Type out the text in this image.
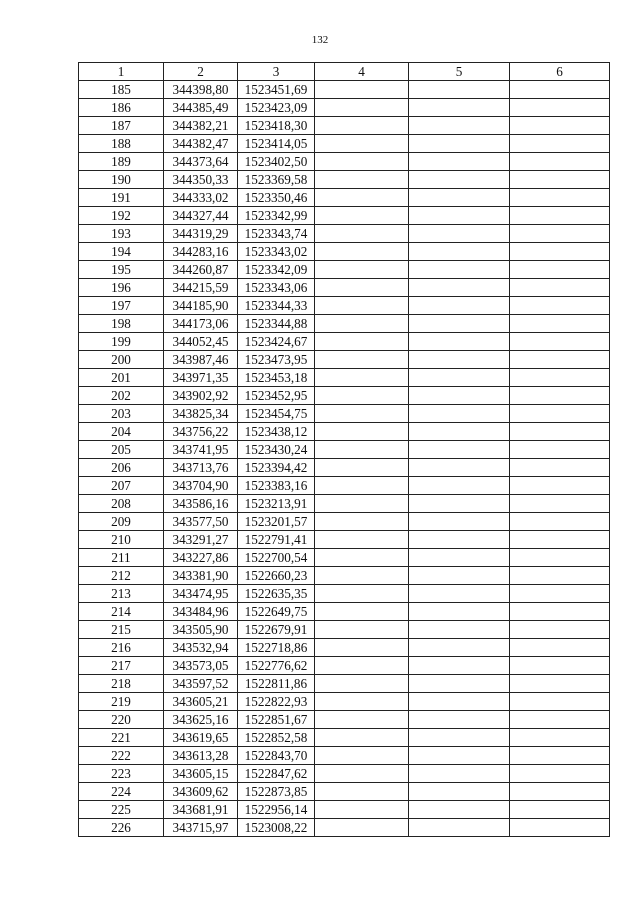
132
1	2	3	4	5	6
185	344398,80	1523451,69			
186	344385,49	1523423,09			
187	344382,21	1523418,30			
188	344382,47	1523414,05			
189	344373,64	1523402,50			
190	344350,33	1523369,58			
191	344333,02	1523350,46			
192	344327,44	1523342,99			
193	344319,29	1523343,74			
194	344283,16	1523343,02			
195	344260,87	1523342,09			
196	344215,59	1523343,06			
197	344185,90	1523344,33			
198	344173,06	1523344,88			
199	344052,45	1523424,67			
200	343987,46	1523473,95			
201	343971,35	1523453,18			
202	343902,92	1523452,95			
203	343825,34	1523454,75			
204	343756,22	1523438,12			
205	343741,95	1523430,24			
206	343713,76	1523394,42			
207	343704,90	1523383,16			
208	343586,16	1523213,91			
209	343577,50	1523201,57			
210	343291,27	1522791,41			
211	343227,86	1522700,54			
212	343381,90	1522660,23			
213	343474,95	1522635,35			
214	343484,96	1522649,75			
215	343505,90	1522679,91			
216	343532,94	1522718,86			
217	343573,05	1522776,62			
218	343597,52	1522811,86			
219	343605,21	1522822,93			
220	343625,16	1522851,67			
221	343619,65	1522852,58			
222	343613,28	1522843,70			
223	343605,15	1522847,62			
224	343609,62	1522873,85			
225	343681,91	1522956,14			
226	343715,97	1523008,22			
